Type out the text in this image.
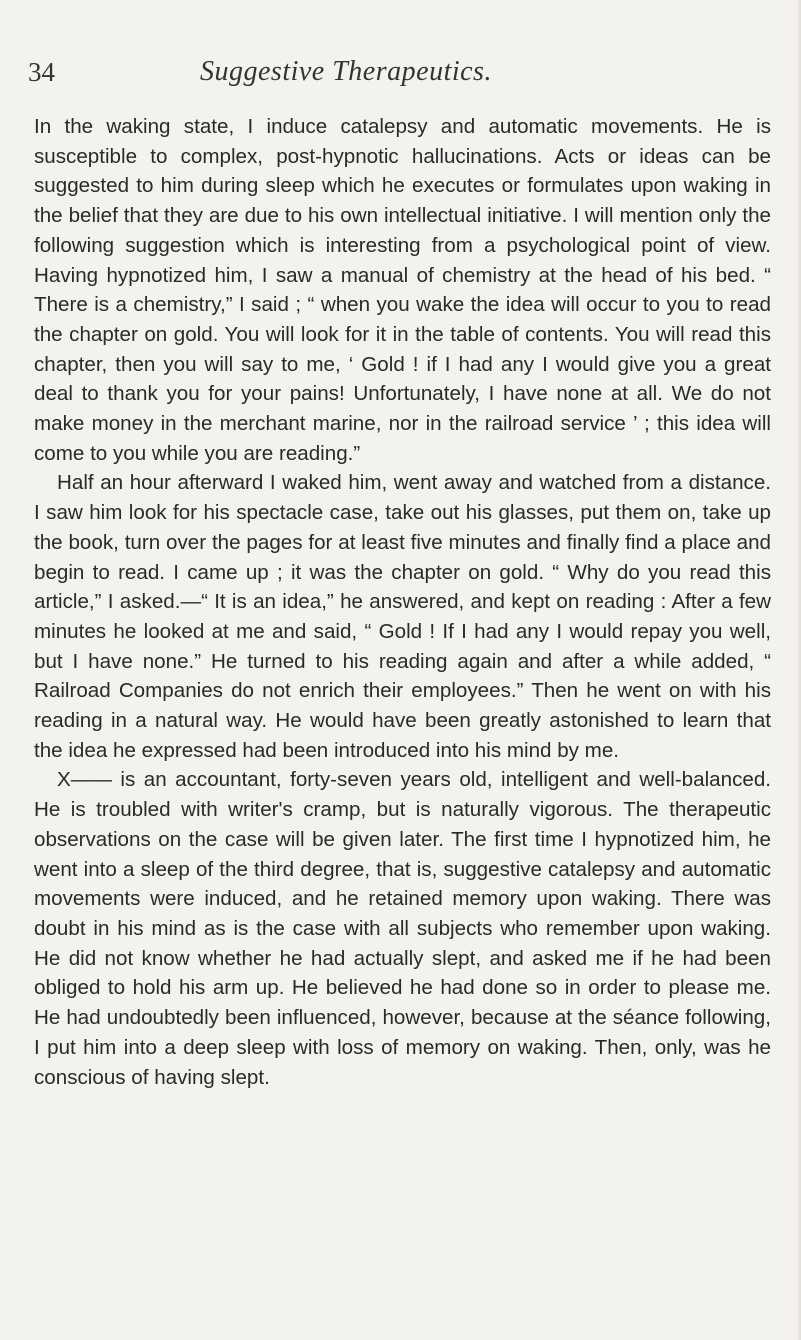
34	Suggestive Therapeutics.

In the waking state, I induce catalepsy and automatic movements. He is susceptible to complex, post-hypnotic hallucinations. Acts or ideas can be suggested to him during sleep which he executes or formulates upon waking in the belief that they are due to his own intellectual initiative. I will mention only the following suggestion which is interesting from a psychological point of view. Having hypnotized him, I saw a manual of chemistry at the head of his bed. “ There is a chemistry,” I said ; “ when you wake the idea will occur to you to read the chapter on gold. You will look for it in the table of contents. You will read this chapter, then you will say to me, ‘ Gold ! if I had any I would give you a great deal to thank you for your pains! Unfortunately, I have none at all. We do not make money in the merchant marine, nor in the railroad service ’ ; this idea will come to you while you are reading.”

Half an hour afterward I waked him, went away and watched from a distance. I saw him look for his spectacle case, take out his glasses, put them on, take up the book, turn over the pages for at least five minutes and finally find a place and begin to read. I came up ; it was the chapter on gold. “ Why do you read this article,” I asked.—“ It is an idea,” he answered, and kept on reading : After a few minutes he looked at me and said, “ Gold ! If I had any I would repay you well, but I have none.” He turned to his reading again and after a while added, “ Railroad Companies do not enrich their employees.” Then he went on with his reading in a natural way. He would have been greatly astonished to learn that the idea he expressed had been introduced into his mind by me.

X—— is an accountant, forty-seven years old, intelligent and well-balanced. He is troubled with writer's cramp, but is naturally vigorous. The therapeutic observations on the case will be given later. The first time I hypnotized him, he went into a sleep of the third degree, that is, suggestive catalepsy and automatic movements were induced, and he retained memory upon waking. There was doubt in his mind as is the case with all subjects who remember upon waking. He did not know whether he had actually slept, and asked me if he had been obliged to hold his arm up. He believed he had done so in order to please me. He had undoubtedly been influenced, however, because at the séance following, I put him into a deep sleep with loss of memory on waking. Then, only, was he conscious of having slept.
